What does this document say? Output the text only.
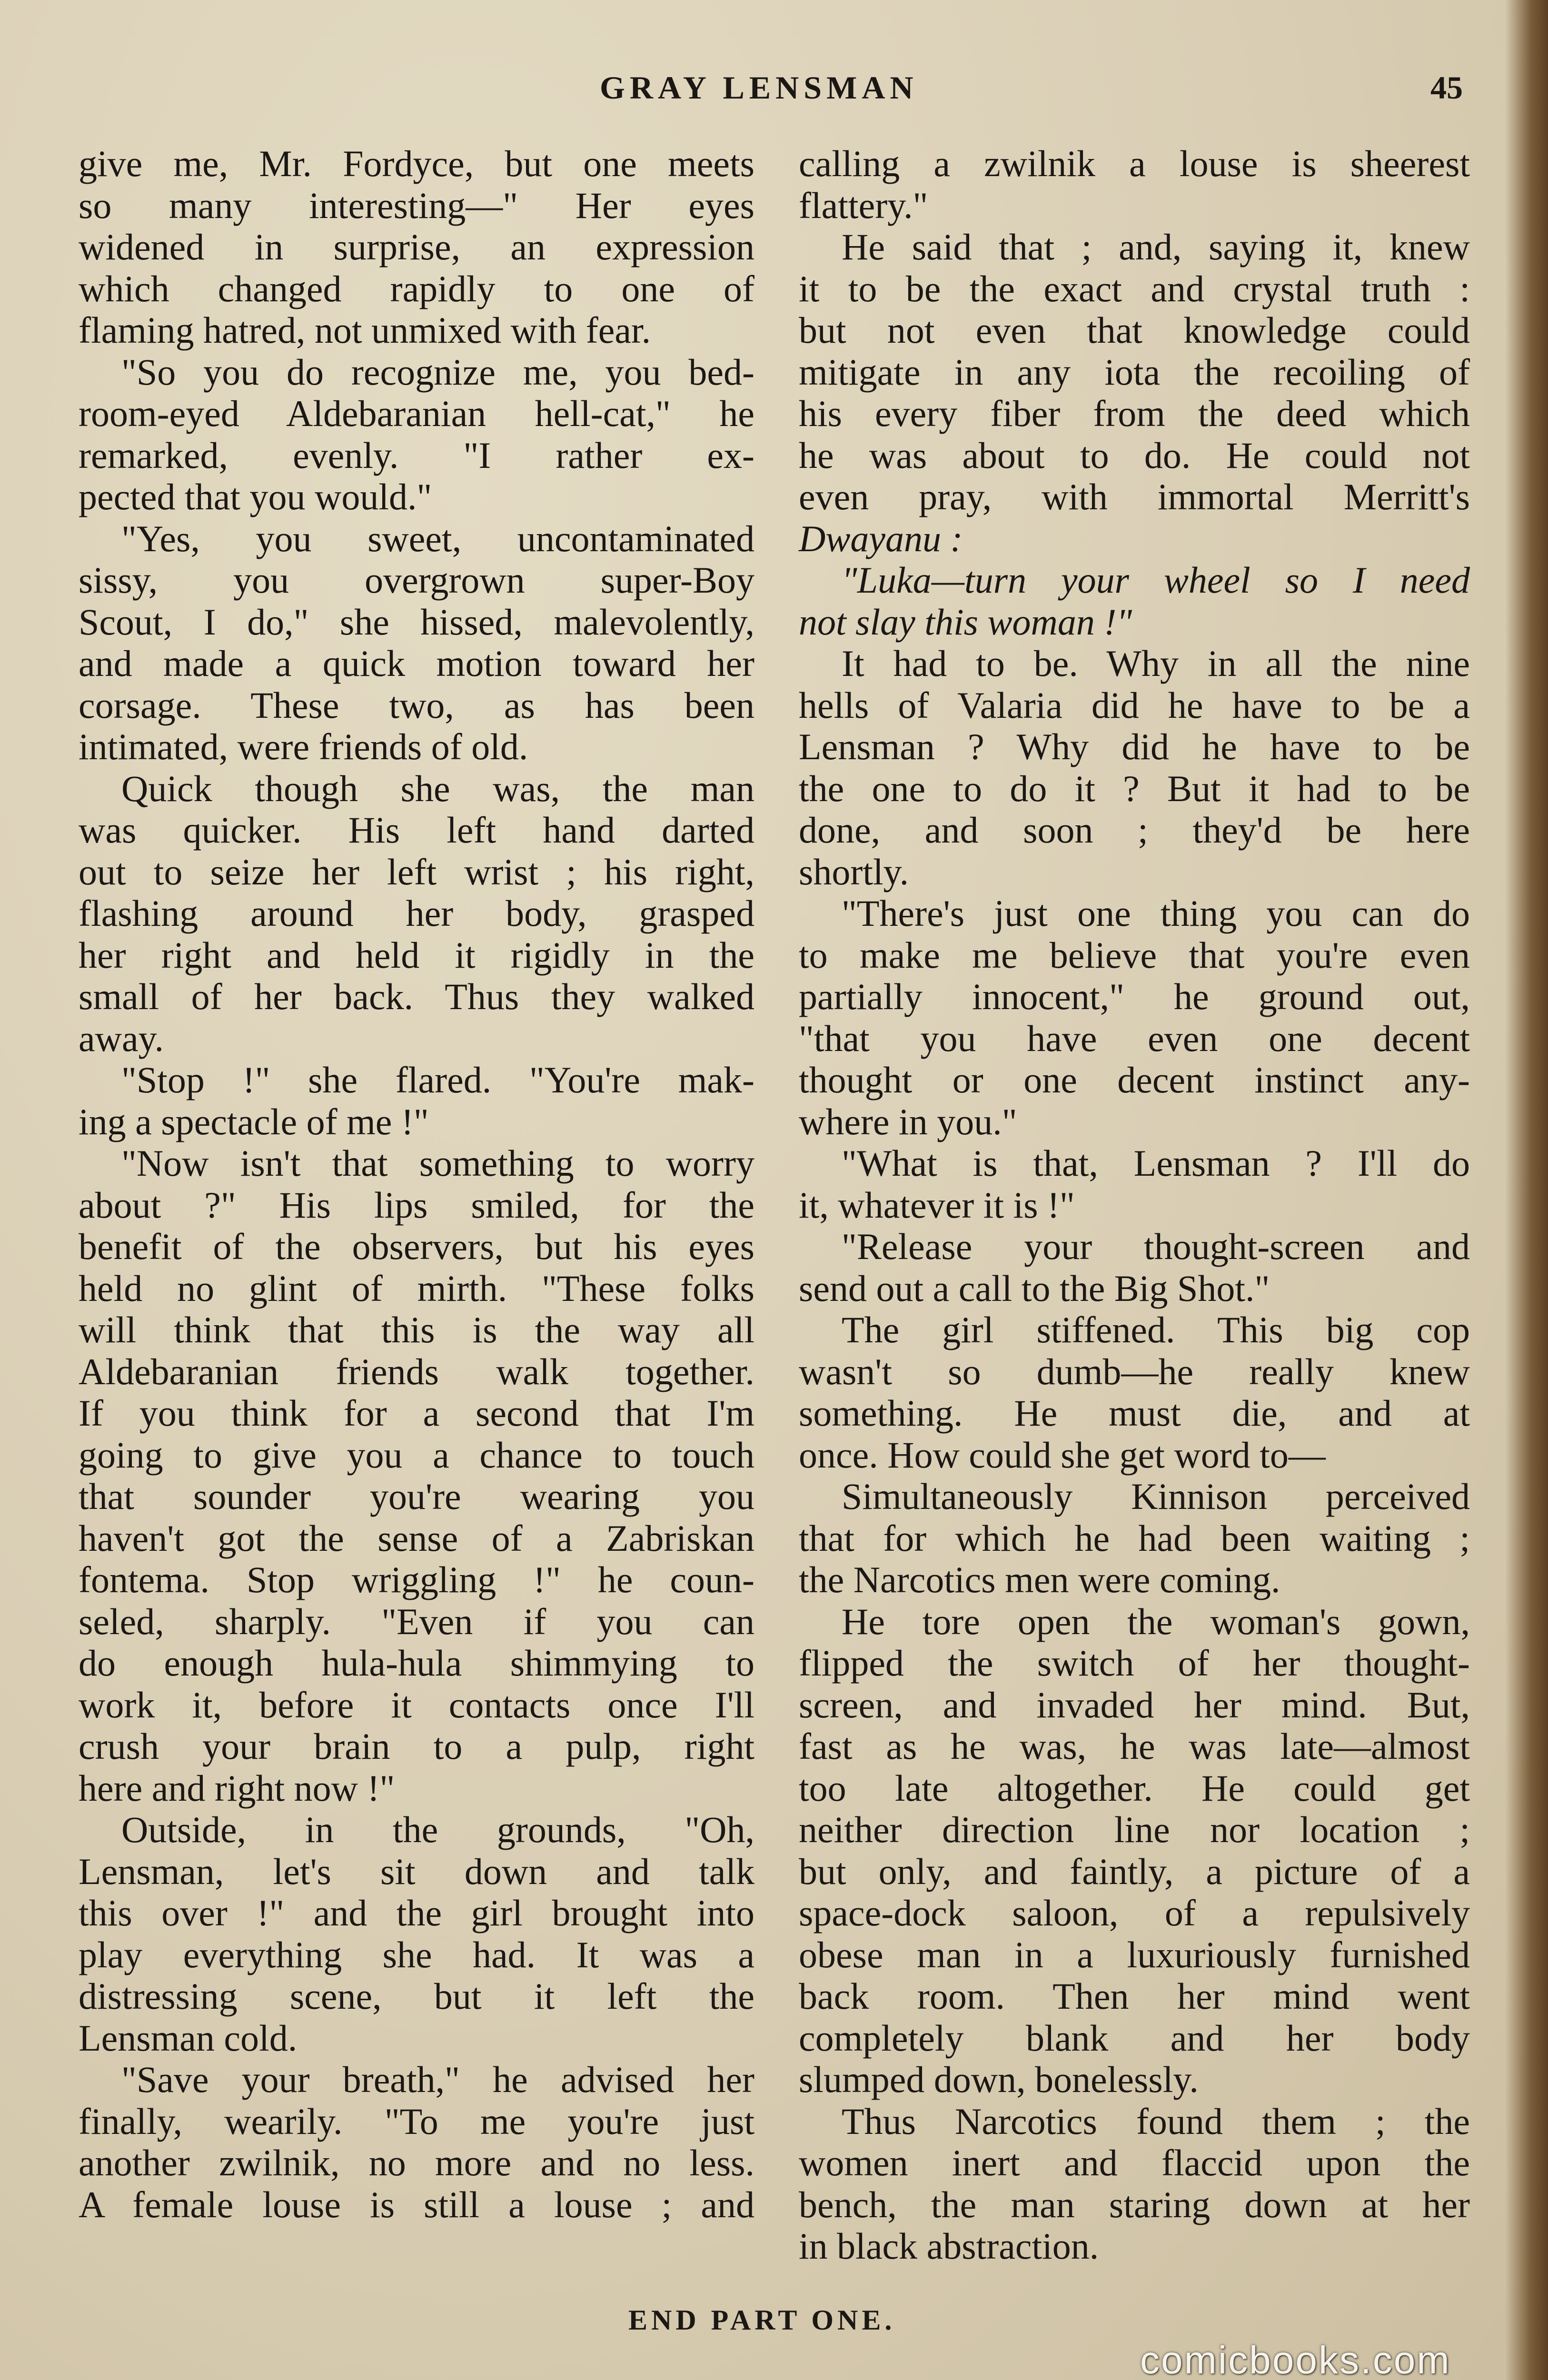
GRAY LENSMAN	45
give me, Mr. Fordyce, but one meets
so many interesting—" Her eyes
widened in surprise, an expression
which changed rapidly to one of
flaming hatred, not unmixed with fear.
"So you do recognize me, you bed-
room-eyed Aldebaranian hell-cat," he
remarked, evenly. "I rather ex-
pected that you would."
"Yes, you sweet, uncontaminated
sissy, you overgrown super-Boy
Scout, I do," she hissed, malevolently,
and made a quick motion toward her
corsage. These two, as has been
intimated, were friends of old.
Quick though she was, the man
was quicker. His left hand darted
out to seize her left wrist ; his right,
flashing around her body, grasped
her right and held it rigidly in the
small of her back. Thus they walked
away.
"Stop !" she flared. "You're mak-
ing a spectacle of me !"
"Now isn't that something to worry
about ?" His lips smiled, for the
benefit of the observers, but his eyes
held no glint of mirth. "These folks
will think that this is the way all
Aldebaranian friends walk together.
If you think for a second that I'm
going to give you a chance to touch
that sounder you're wearing you
haven't got the sense of a Zabriskan
fontema. Stop wriggling !" he coun-
seled, sharply. "Even if you can
do enough hula-hula shimmying to
work it, before it contacts once I'll
crush your brain to a pulp, right
here and right now !"
Outside, in the grounds, "Oh,
Lensman, let's sit down and talk
this over !" and the girl brought into
play everything she had. It was a
distressing scene, but it left the
Lensman cold.
"Save your breath," he advised her
finally, wearily. "To me you're just
another zwilnik, no more and no less.
A female louse is still a louse ; and
calling a zwilnik a louse is sheerest
flattery."
He said that ; and, saying it, knew
it to be the exact and crystal truth :
but not even that knowledge could
mitigate in any iota the recoiling of
his every fiber from the deed which
he was about to do. He could not
even pray, with immortal Merritt's
Dwayanu :
"Luka—turn your wheel so I need
not slay this woman !"
It had to be. Why in all the nine
hells of Valaria did he have to be a
Lensman ? Why did he have to be
the one to do it ? But it had to be
done, and soon ; they'd be here
shortly.
"There's just one thing you can do
to make me believe that you're even
partially innocent," he ground out,
"that you have even one decent
thought or one decent instinct any-
where in you."
"What is that, Lensman ? I'll do
it, whatever it is !"
"Release your thought-screen and
send out a call to the Big Shot."
The girl stiffened. This big cop
wasn't so dumb—he really knew
something. He must die, and at
once. How could she get word to—
Simultaneously Kinnison perceived
that for which he had been waiting ;
the Narcotics men were coming.
He tore open the woman's gown,
flipped the switch of her thought-
screen, and invaded her mind. But,
fast as he was, he was late—almost
too late altogether. He could get
neither direction line nor location ;
but only, and faintly, a picture of a
space-dock saloon, of a repulsively
obese man in a luxuriously furnished
back room. Then her mind went
completely blank and her body
slumped down, bonelessly.
Thus Narcotics found them ; the
women inert and flaccid upon the
bench, the man staring down at her
in black abstraction.
END PART ONE.
comicbooks.com
